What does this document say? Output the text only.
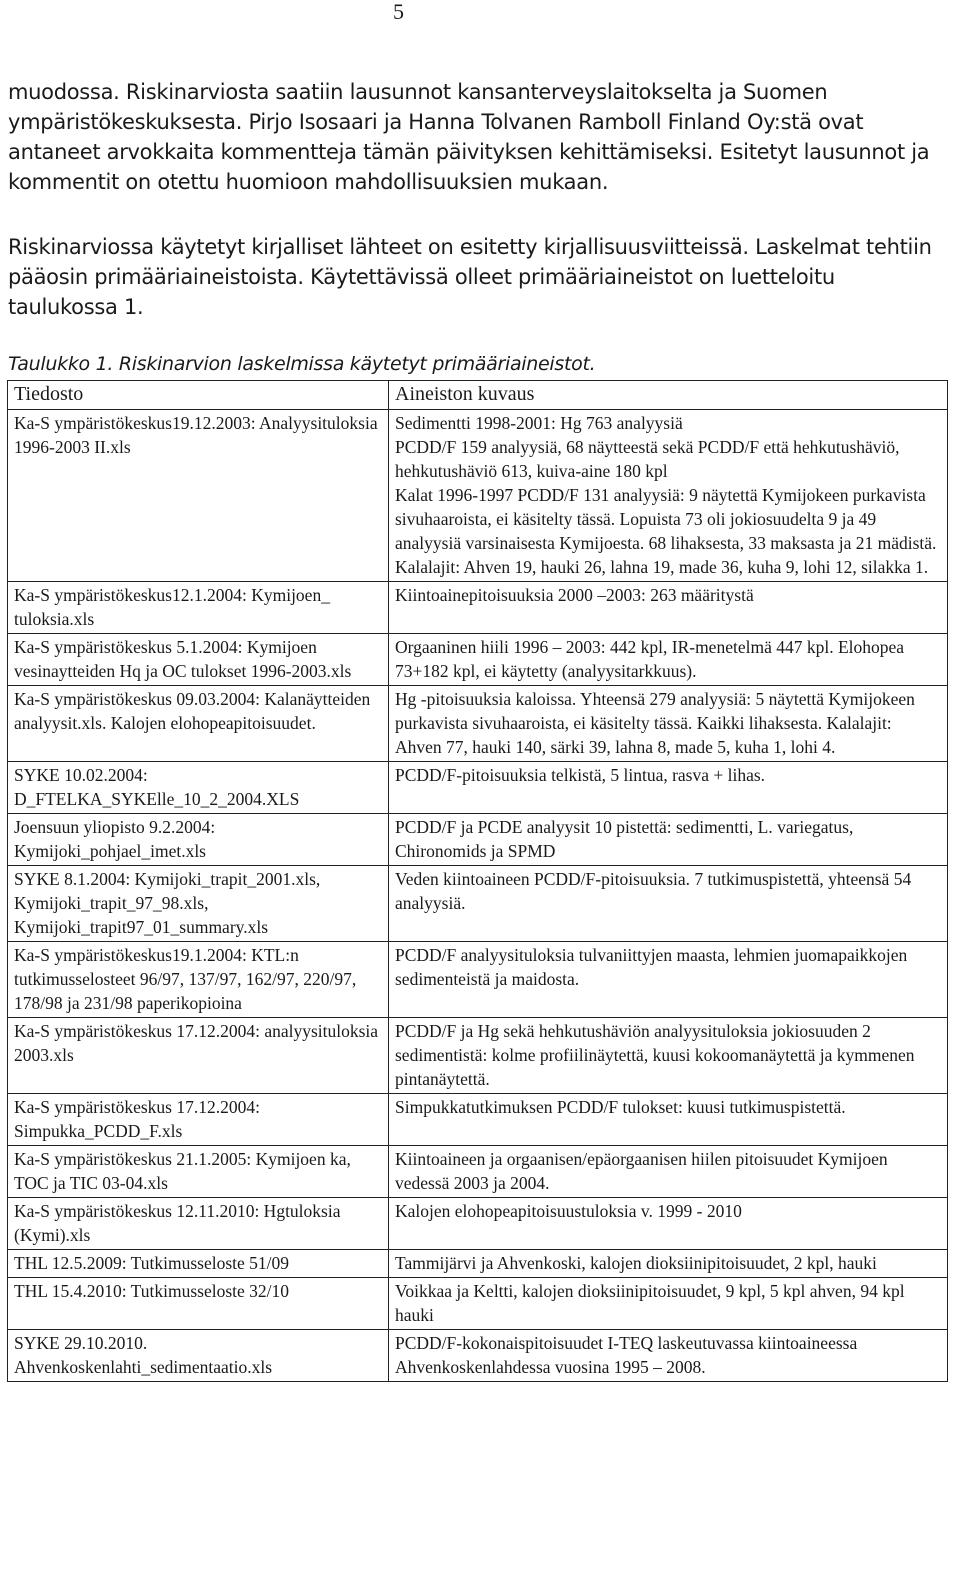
5

muodossa. Riskinarviosta saatiin lausunnot kansanterveyslaitokselta ja Suomen ympäristökeskuksesta. Pirjo Isosaari ja Hanna Tolvanen Ramboll Finland Oy:stä ovat antaneet arvokkaita kommentteja tämän päivityksen kehittämiseksi. Esitetyt lausunnot ja kommentit on otettu huomioon mahdollisuuksien mukaan.

Riskinarviossa käytetyt kirjalliset lähteet on esitetty kirjallisuusviitteissä. Laskelmat tehtiin pääosin primääriaineistoista. Käytettävissä olleet primääriaineistot on luetteloitu taulukossa 1.

Taulukko 1. Riskinarvion laskelmissa käytetyt primääriaineistot.

Tiedosto	Aineiston kuvaus
Ka-S ympäristökeskus19.12.2003: Analyysituloksia 1996-2003 II.xls	Sedimentti 1998-2001: Hg 763 analyysiä
PCDD/F 159 analyysiä, 68 näytteestä sekä PCDD/F että hehkutushäviö, hehkutushäviö 613, kuiva-aine 180 kpl
Kalat 1996-1997 PCDD/F 131 analyysiä: 9 näytettä Kymijokeen purkavista sivuhaaroista, ei käsitelty tässä. Lopuista 73 oli jokiosuudelta 9 ja 49 analyysiä varsinaisesta Kymijoesta. 68 lihaksesta, 33 maksasta ja 21 mädistä. Kalalajit: Ahven 19, hauki 26, lahna 19, made 36, kuha 9, lohi 12, silakka 1.
Ka-S ympäristökeskus12.1.2004: Kymijoen_ tuloksia.xls	Kiintoainepitoisuuksia 2000 –2003: 263 määritystä
Ka-S ympäristökeskus 5.1.2004: Kymijoen vesinaytteiden Hq ja OC tulokset 1996-2003.xls	Orgaaninen hiili 1996 – 2003: 442 kpl, IR-menetelmä 447 kpl. Elohopea 73+182 kpl, ei käytetty (analyysitarkkuus).
Ka-S ympäristökeskus 09.03.2004: Kalanäytteiden analyysit.xls. Kalojen elohopeapitoisuudet.	Hg -pitoisuuksia kaloissa. Yhteensä 279 analyysiä: 5 näytettä Kymijokeen purkavista sivuhaaroista, ei käsitelty tässä. Kaikki lihaksesta. Kalalajit: Ahven 77, hauki 140, särki 39, lahna 8, made 5, kuha 1, lohi 4.
SYKE 10.02.2004: D_FTELKA_SYKElle_10_2_2004.XLS	PCDD/F-pitoisuuksia telkistä, 5 lintua, rasva + lihas.
Joensuun yliopisto 9.2.2004: Kymijoki_pohjael_imet.xls	PCDD/F ja PCDE analyysit 10 pistettä: sedimentti, L. variegatus, Chironomids ja SPMD
SYKE 8.1.2004: Kymijoki_trapit_2001.xls, Kymijoki_trapit_97_98.xls, Kymijoki_trapit97_01_summary.xls	Veden kiintoaineen PCDD/F-pitoisuuksia. 7 tutkimuspistettä, yhteensä 54 analyysiä.
Ka-S ympäristökeskus19.1.2004: KTL:n tutkimusselosteet 96/97, 137/97, 162/97, 220/97, 178/98 ja 231/98 paperikopioina	PCDD/F analyysituloksia tulvaniittyjen maasta, lehmien juomapaikkojen sedimenteistä ja maidosta.
Ka-S ympäristökeskus 17.12.2004: analyysituloksia 2003.xls	PCDD/F ja Hg sekä hehkutushäviön analyysituloksia jokiosuuden 2 sedimentistä: kolme profiilinäytettä, kuusi kokoomanäytettä ja kymmenen pintanäytettä.
Ka-S ympäristökeskus 17.12.2004: Simpukka_PCDD_F.xls	Simpukkatutkimuksen PCDD/F tulokset: kuusi tutkimuspistettä.
Ka-S ympäristökeskus 21.1.2005: Kymijoen ka, TOC ja TIC 03-04.xls	Kiintoaineen ja orgaanisen/epäorgaanisen hiilen pitoisuudet Kymijoen vedessä 2003 ja 2004.
Ka-S ympäristökeskus 12.11.2010: Hgtuloksia (Kymi).xls	Kalojen elohopeapitoisuustuloksia v. 1999 - 2010
THL 12.5.2009: Tutkimusseloste 51/09	Tammijärvi ja Ahvenkoski, kalojen dioksiinipitoisuudet, 2 kpl, hauki
THL 15.4.2010: Tutkimusseloste 32/10	Voikkaa ja Keltti, kalojen dioksiinipitoisuudet, 9 kpl, 5 kpl ahven, 94 kpl hauki
SYKE 29.10.2010. Ahvenkoskenlahti_sedimentaatio.xls	PCDD/F-kokonaispitoisuudet I-TEQ laskeutuvassa kiintoaineessa Ahvenkoskenlahdessa vuosina 1995 – 2008.
